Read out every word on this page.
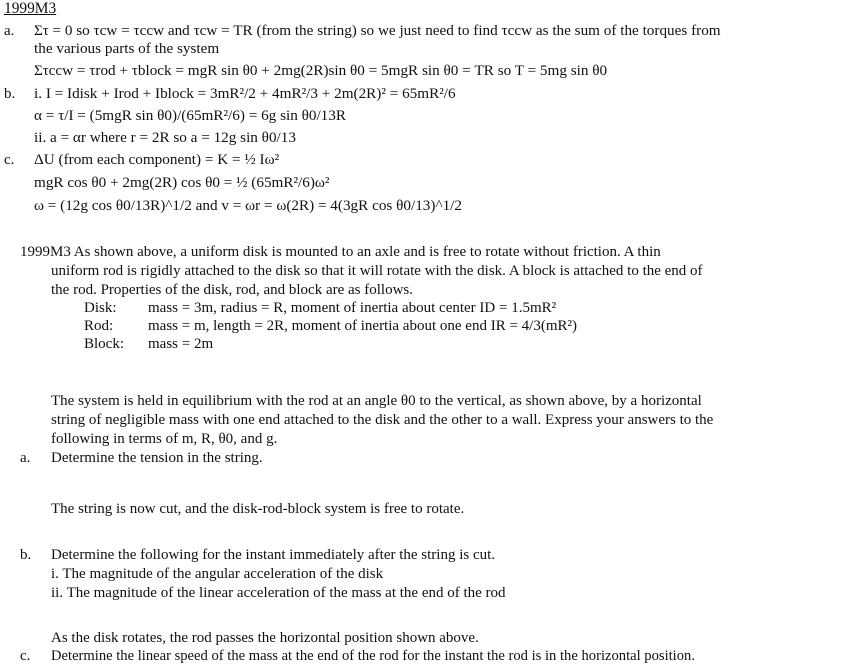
1999M3
a. Στ = 0 so τcw = τccw and τcw = TR (from the string) so we just need to find τccw as the sum of the torques from
the various parts of the system
Στccw = τrod + τblock = mgR sin θ0 + 2mg(2R)sin θ0 = 5mgR sin θ0 = TR so T = 5mg sin θ0
b. i. I = Idisk + Irod + Iblock = 3mR²/2 + 4mR²/3 + 2m(2R)² = 65mR²/6
α = τ/I = (5mgR sin θ0)/(65mR²/6) = 6g sin θ0/13R
ii. a = αr where r = 2R so a = 12g sin θ0/13
c. ΔU (from each component) = K = ½ Iω²
mgR cos θ0 + 2mg(2R) cos θ0 = ½ (65mR²/6)ω²
ω = (12g cos θ0/13R)^1/2 and v = ωr = ω(2R) = 4(3gR cos θ0/13)^1/2
1999M3 As shown above, a uniform disk is mounted to an axle and is free to rotate without friction. A thin
uniform rod is rigidly attached to the disk so that it will rotate with the disk. A block is attached to the end of
the rod. Properties of the disk, rod, and block are as follows.
Disk: mass = 3m, radius = R, moment of inertia about center ID = 1.5mR²
Rod: mass = m, length = 2R, moment of inertia about one end IR = 4/3(mR²)
Block: mass = 2m
The system is held in equilibrium with the rod at an angle θ0 to the vertical, as shown above, by a horizontal
string of negligible mass with one end attached to the disk and the other to a wall. Express your answers to the
following in terms of m, R, θ0, and g.
a. Determine the tension in the string.
The string is now cut, and the disk-rod-block system is free to rotate.
b. Determine the following for the instant immediately after the string is cut.
i. The magnitude of the angular acceleration of the disk
ii. The magnitude of the linear acceleration of the mass at the end of the rod
As the disk rotates, the rod passes the horizontal position shown above.
c. Determine the linear speed of the mass at the end of the rod for the instant the rod is in the horizontal position.
